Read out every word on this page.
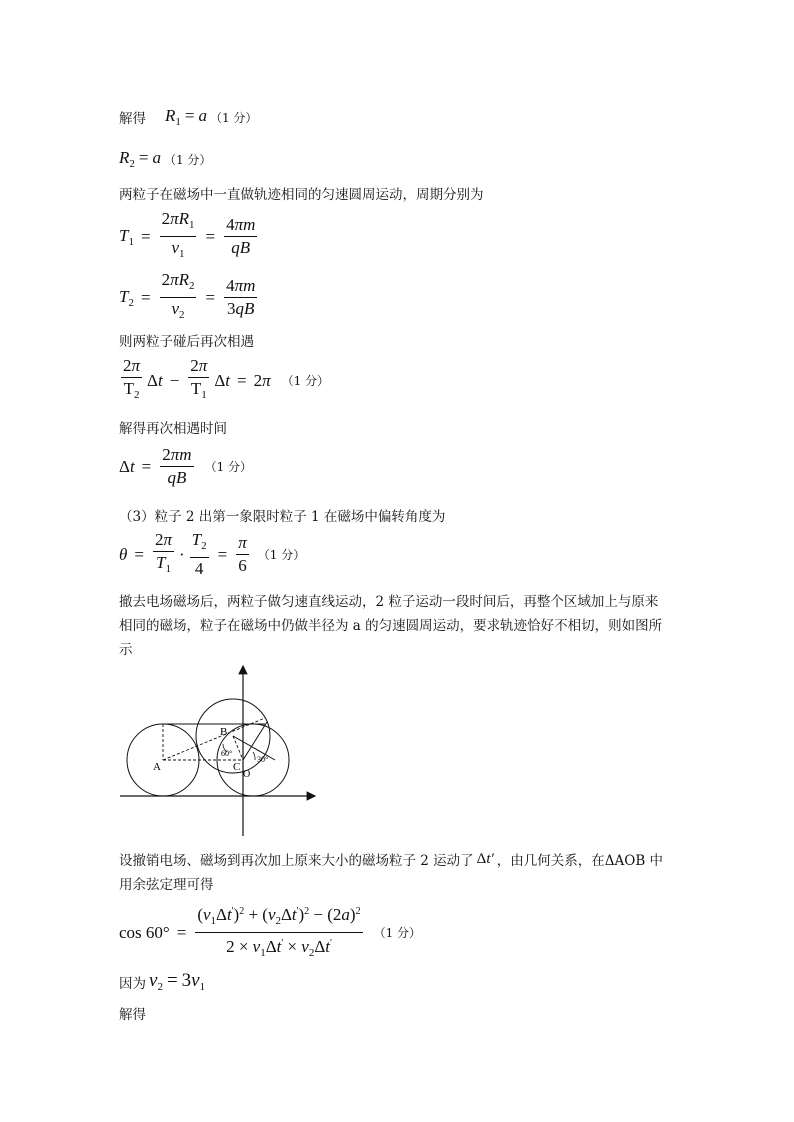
解得 $R_1 = a$ （1 分）
$R_2 = a$ （1 分）
两粒子在磁场中一直做轨迹相同的匀速圆周运动，周期分别为
$T_1 = \frac{2\pi R_1}{v_1} = \frac{4\pi m}{qB}$
$T_2 = \frac{2\pi R_2}{v_2} = \frac{4\pi m}{3qB}$
则两粒子碰后再次相遇
$\frac{2\pi}{T_2}$ $\Delta t - \frac{2\pi}{T_1}$ Δt = 2π （1 分）
解得再次相遇时间
$\Delta t = \frac{2\pi m}{qB} (1$ 分）
（3）粒子 2 出第一象限时粒子 1 在磁场中偏转角度为
$\theta = \frac{2\pi}{T_1} \cdot \frac{T_2}{4} = \frac{\pi}{6} (1$ 分）
撤去电场磁场后，两粒子做匀速直线运动，2 粒子运动一段时间后，再整个区域加上与原来
相同的磁场，粒子在磁场中仍做半径为 a 的匀速圆周运动，要求轨迹恰好不相切，则如图所
示
A
B
C
O
60°
30°
设撤销电场、磁场到再次加上原来大小的磁场粒子 2 运动了 Δt′ ，由几何关系，在ΔAOB 中
用余弦定理可得
$\cos 60^\circ = \frac{(v_1\Delta t')^2 + (v_2\Delta t')^2 - (2a)^2}{2 \times v_1\Delta t' \times v_2\Delta t'} (1$ 分）
因为 $v_2 = 3v_1$
解得
